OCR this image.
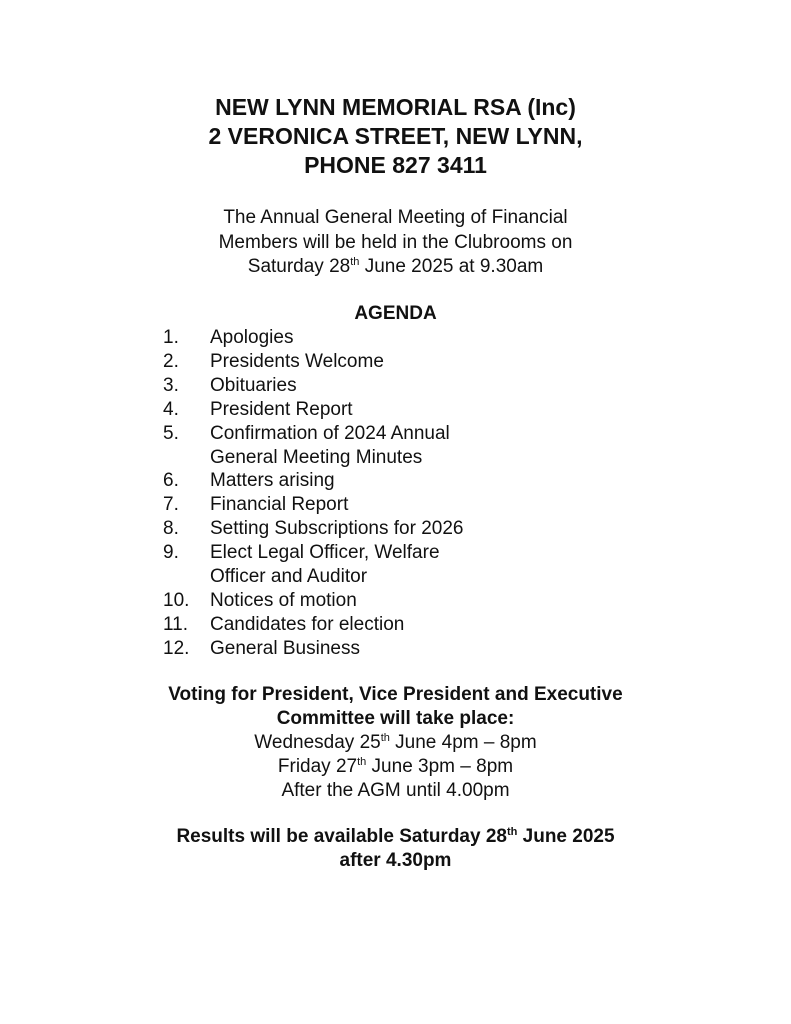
NEW LYNN MEMORIAL RSA (Inc)
2 VERONICA STREET, NEW LYNN,
PHONE 827 3411
The Annual General Meeting of Financial
Members will be held in the Clubrooms on
Saturday 28th June 2025 at 9.30am
AGENDA
1.	Apologies
2.	Presidents Welcome
3.	Obituaries
4.	President Report
5.	Confirmation of 2024 Annual
General Meeting Minutes
6.	Matters arising
7.	Financial Report
8.	Setting Subscriptions for 2026
9.	Elect Legal Officer, Welfare
Officer and Auditor
10.	Notices of motion
11.	Candidates for election
12.	General Business
Voting for President, Vice President and Executive
Committee will take place:
Wednesday 25th June 4pm – 8pm
Friday 27th June 3pm – 8pm
After the AGM until 4.00pm
Results will be available Saturday 28th June 2025
after 4.30pm
